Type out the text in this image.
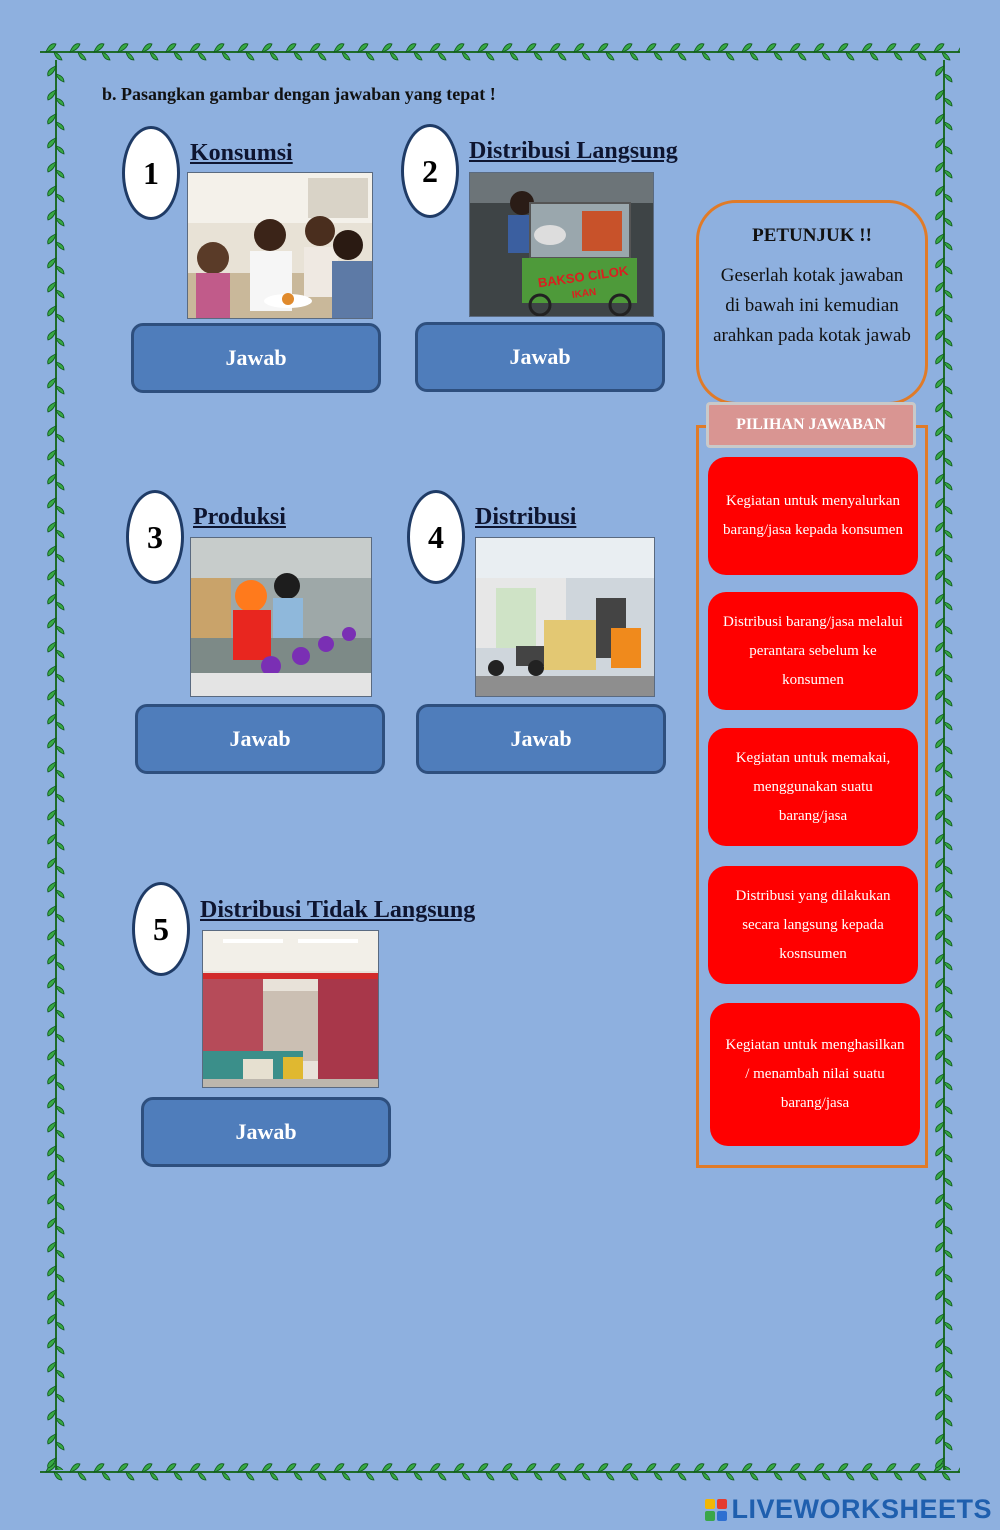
b. Pasangkan gambar dengan jawaban yang tepat !
1
Konsumsi
Jawab
2
Distribusi Langsung
BAKSO CILOK
IKAN
Jawab
3
Produksi
Jawab
4
Distribusi
Jawab
5
Distribusi Tidak Langsung
Jawab
PETUNJUK !!
Geserlah kotak jawaban di bawah ini kemudian arahkan pada kotak jawab
PILIHAN JAWABAN
Kegiatan untuk menyalurkan barang/jasa kepada konsumen
Distribusi barang/jasa melalui perantara sebelum ke konsumen
Kegiatan untuk memakai, menggunakan suatu barang/jasa
Distribusi yang dilakukan secara langsung kepada kosnsumen
Kegiatan untuk menghasilkan / menambah nilai suatu barang/jasa
LIVEWORKSHEETS
